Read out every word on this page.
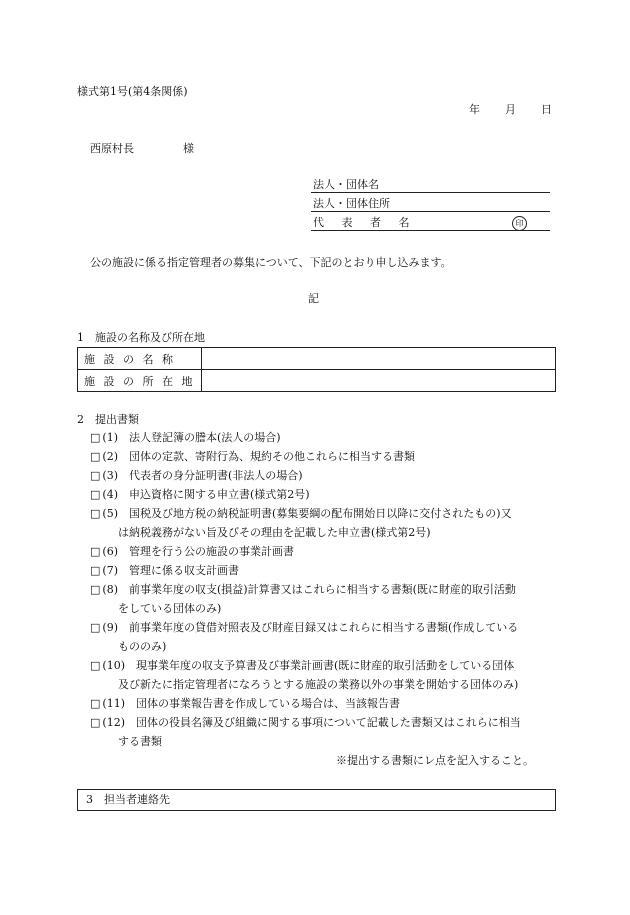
様式第1号(第4条関係)
年 月 日
西原村長	様
法人・団体名
法人・団体住所
代 表 者 名	印
公の施設に係る指定管理者の募集について、下記のとおり申し込みます。
記
1　施設の名称及び所在地
施 設 の 名 称	
施 設 の 所 在 地	
2　提出書類
□ (1)　 法人登記簿の謄本(法人の場合)
□ (2)　 団体の定款、寄附行為、規約その他これらに相当する書類
□ (3)　 代表者の身分証明書(非法人の場合)
□ (4)　 申込資格に関する申立書(様式第2号)
□ (5)　 国税及び地方税の納税証明書(募集要綱の配布開始日以降に交付されたもの)又
は納税義務がない旨及びその理由を記載した申立書(様式第2号)
□ (6)　 管理を行う公の施設の事業計画書
□ (7)　 管理に係る収支計画書
□ (8)　 前事業年度の収支(損益)計算書又はこれらに相当する書類(既に財産的取引活動
をしている団体のみ)
□ (9)　 前事業年度の貸借対照表及び財産目録又はこれらに相当する書類(作成している
もののみ)
□ (10)　 現事業年度の収支予算書及び事業計画書(既に財産的取引活動をしている団体
及び新たに指定管理者になろうとする施設の業務以外の事業を開始する団体のみ)
□ (11)　 団体の事業報告書を作成している場合は、当該報告書
□ (12)　 団体の役員名簿及び組織に関する事項について記載した書類又はこれらに相当
する書類
※提出する書類にレ点を記入すること。
3　担当者連絡先
